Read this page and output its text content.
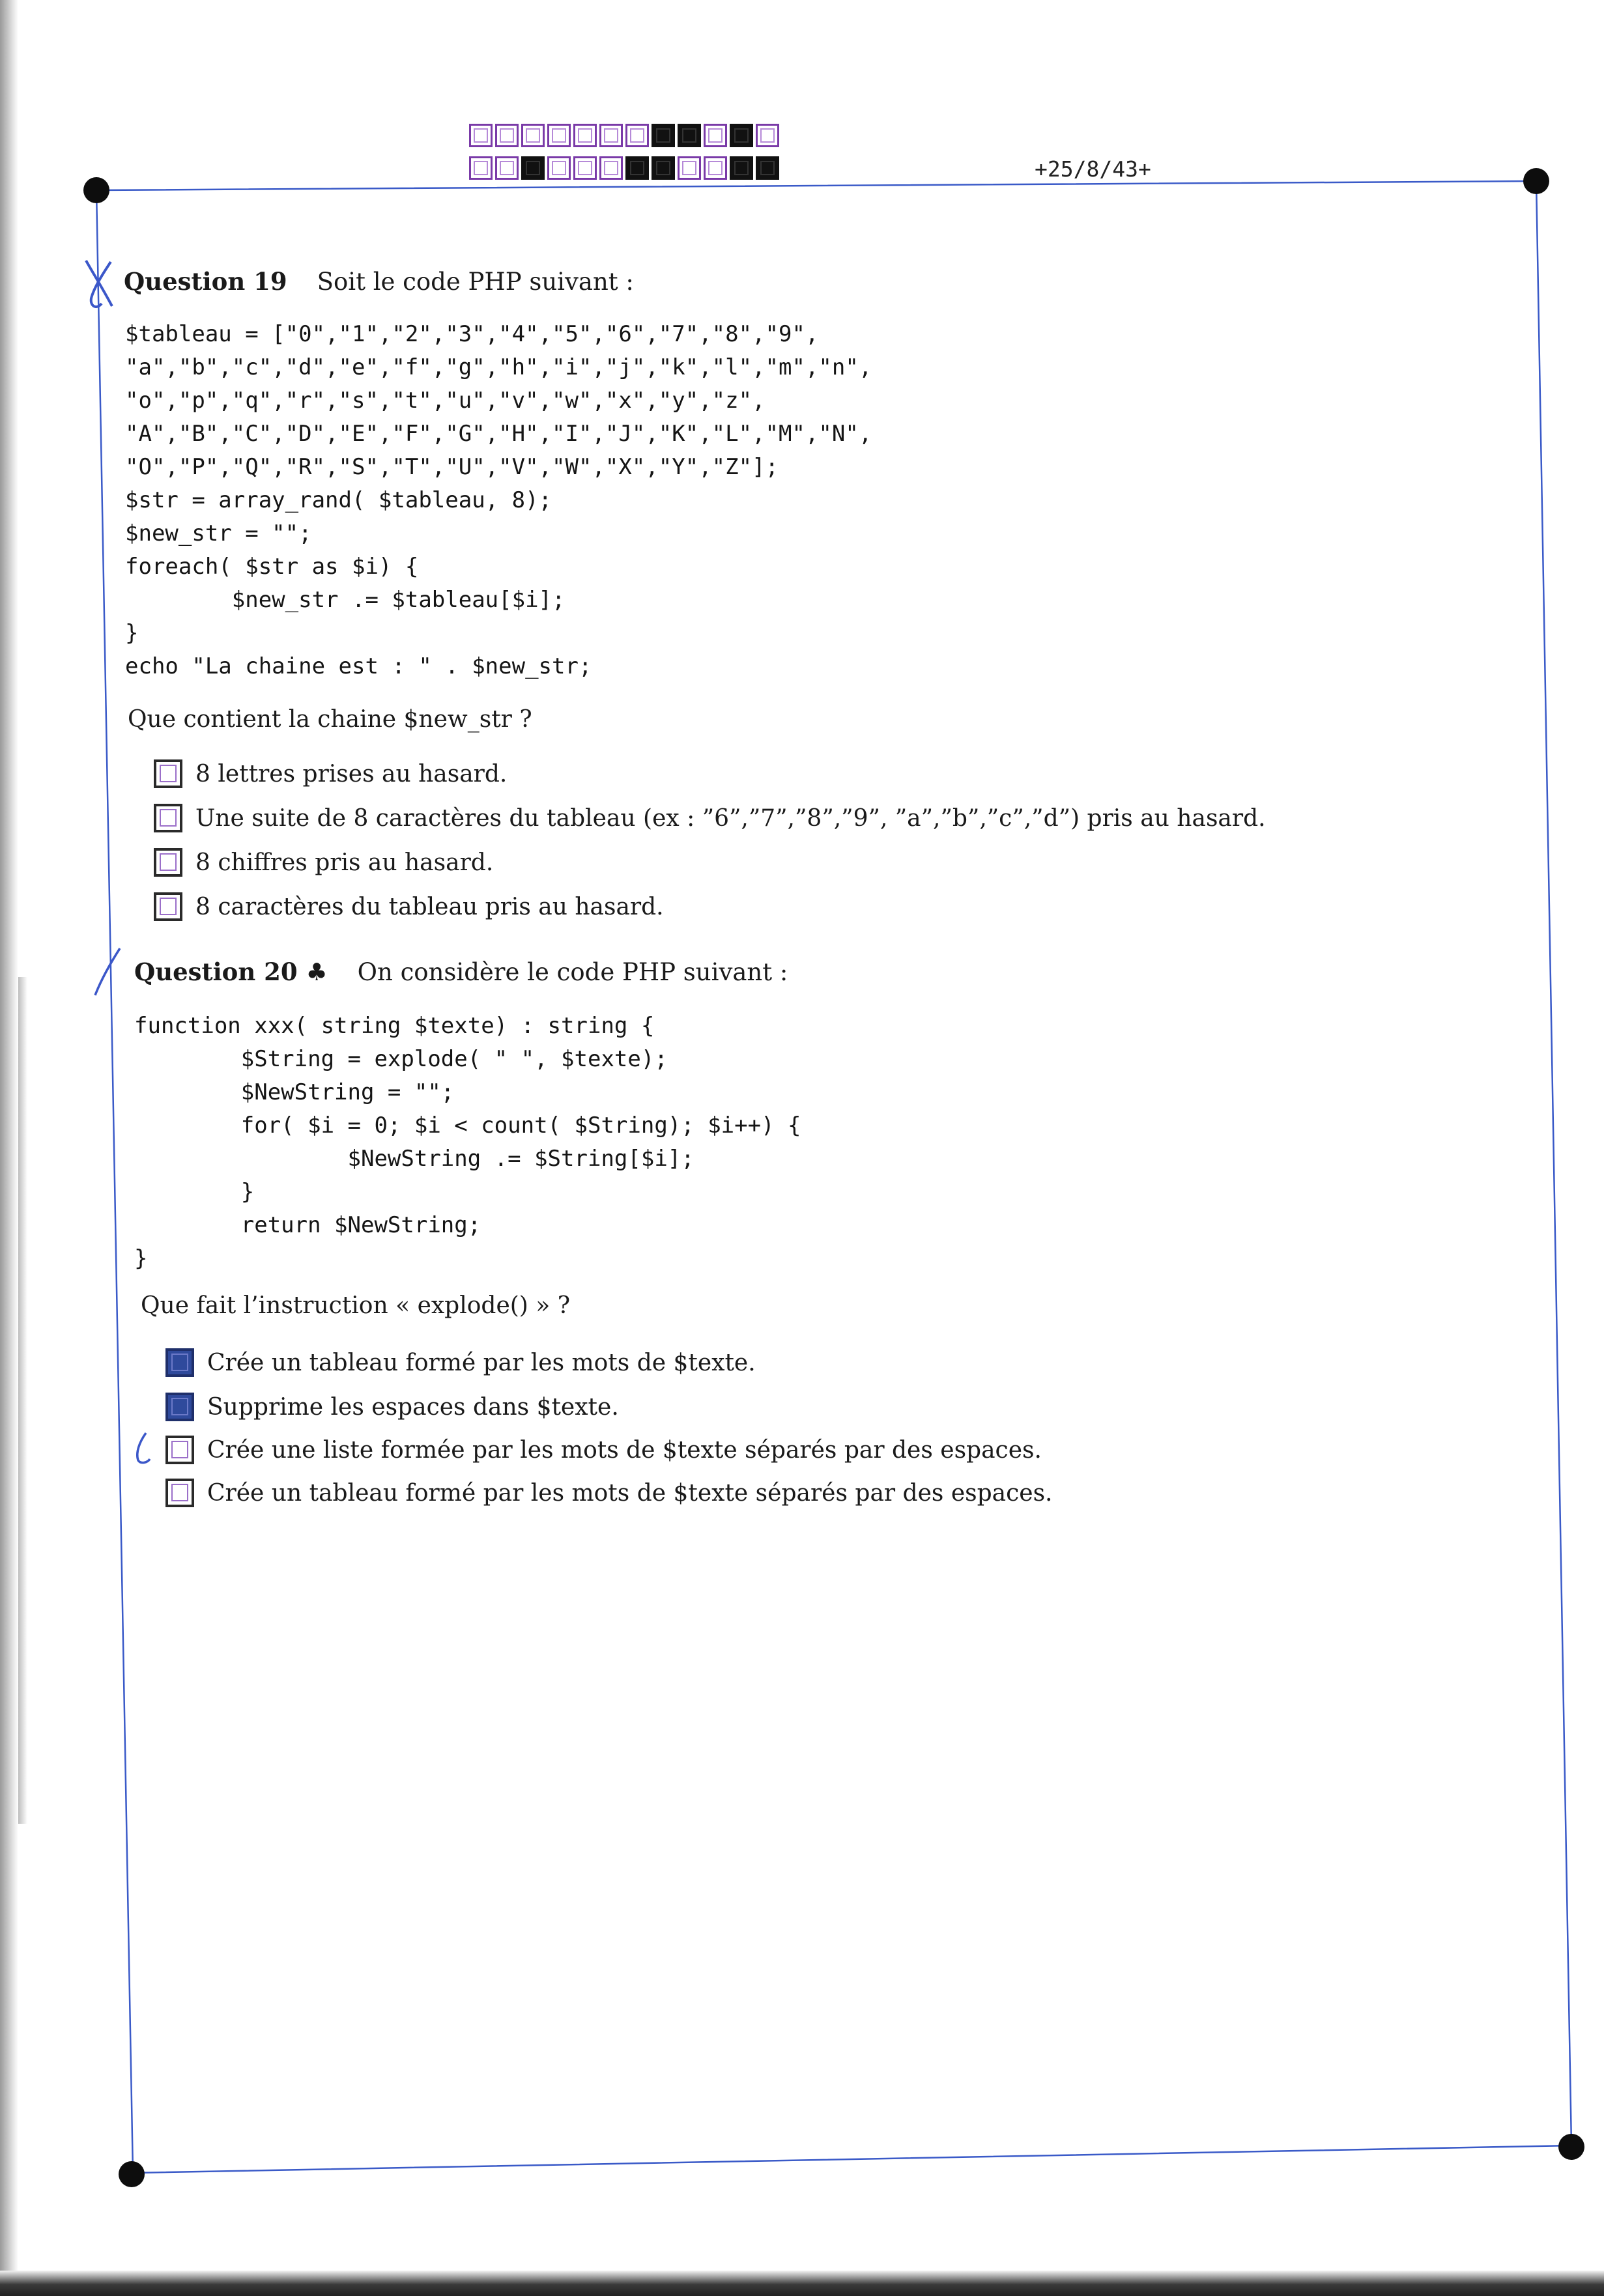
+25/8/43+
Question 19 Soit le code PHP suivant :
$tableau = ["0","1","2","3","4","5","6","7","8","9",
"a","b","c","d","e","f","g","h","i","j","k","l","m","n",
"o","p","q","r","s","t","u","v","w","x","y","z",
"A","B","C","D","E","F","G","H","I","J","K","L","M","N",
"O","P","Q","R","S","T","U","V","W","X","Y","Z"];
$str = array_rand( $tableau, 8);
$new_str = "";
foreach( $str as $i) {
$new_str .= $tableau[$i];
}
echo "La chaine est : " . $new_str;
Que contient la chaine $new_str ?
8 lettres prises au hasard.
Une suite de 8 caractères du tableau (ex : ”6”,”7”,”8”,”9”, ”a”,”b”,”c”,”d”) pris au hasard.
8 chiffres pris au hasard.
8 caractères du tableau pris au hasard.
Question 20 ♣ On considère le code PHP suivant :
function xxx( string $texte) : string {
$String = explode( " ", $texte);
$NewString = "";
for( $i = 0; $i < count( $String); $i++) {
$NewString .= $String[$i];
}
return $NewString;
}
Que fait l’instruction « explode() » ?
Crée un tableau formé par les mots de $texte.
Supprime les espaces dans $texte.
Crée une liste formée par les mots de $texte séparés par des espaces.
Crée un tableau formé par les mots de $texte séparés par des espaces.
